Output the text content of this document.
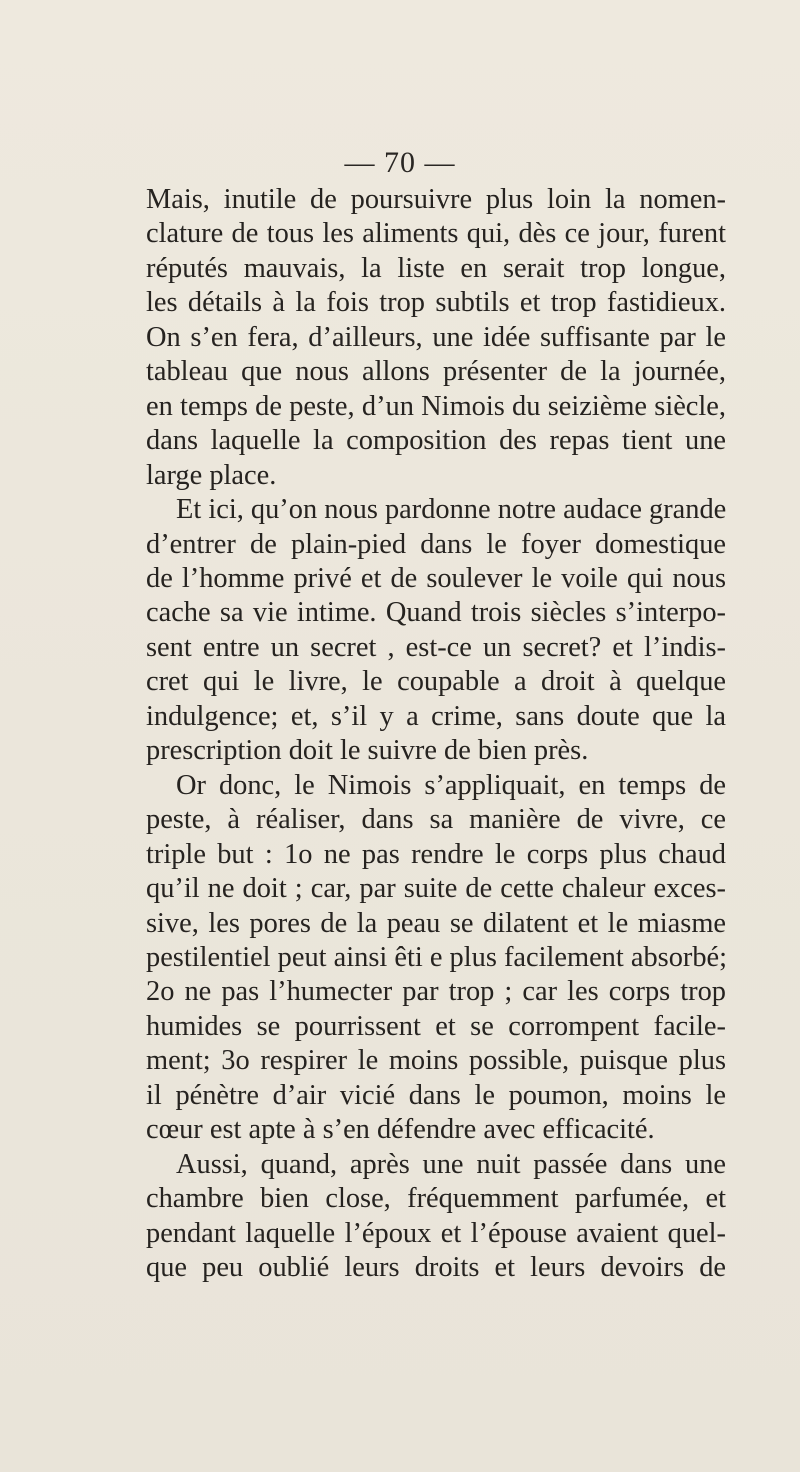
— 70 —
Mais, inutile de poursuivre plus loin la nomen-
clature de tous les aliments qui, dès ce jour, furent
réputés mauvais, la liste en serait trop longue,
les détails à la fois trop subtils et trop fastidieux.
On s’en fera, d’ailleurs, une idée suffisante par le
tableau que nous allons présenter de la journée,
en temps de peste, d’un Nimois du seizième siècle,
dans laquelle la composition des repas tient une
large place.
Et ici, qu’on nous pardonne notre audace grande
d’entrer de plain-pied dans le foyer domestique
de l’homme privé et de soulever le voile qui nous
cache sa vie intime. Quand trois siècles s’interpo-
sent entre un secret , est-ce un secret? et l’indis-
cret qui le livre, le coupable a droit à quelque
indulgence; et, s’il y a crime, sans doute que la
prescription doit le suivre de bien près.
Or donc, le Nimois s’appliquait, en temps de
peste, à réaliser, dans sa manière de vivre, ce
triple but : 1o ne pas rendre le corps plus chaud
qu’il ne doit ; car, par suite de cette chaleur exces-
sive, les pores de la peau se dilatent et le miasme
pestilentiel peut ainsi êti e plus facilement absorbé;
2o ne pas l’humecter par trop ; car les corps trop
humides se pourrissent et se corrompent facile-
ment; 3o respirer le moins possible, puisque plus
il pénètre d’air vicié dans le poumon, moins le
cœur est apte à s’en défendre avec efficacité.
Aussi, quand, après une nuit passée dans une
chambre bien close, fréquemment parfumée, et
pendant laquelle l’époux et l’épouse avaient quel-
que peu oublié leurs droits et leurs devoirs de
